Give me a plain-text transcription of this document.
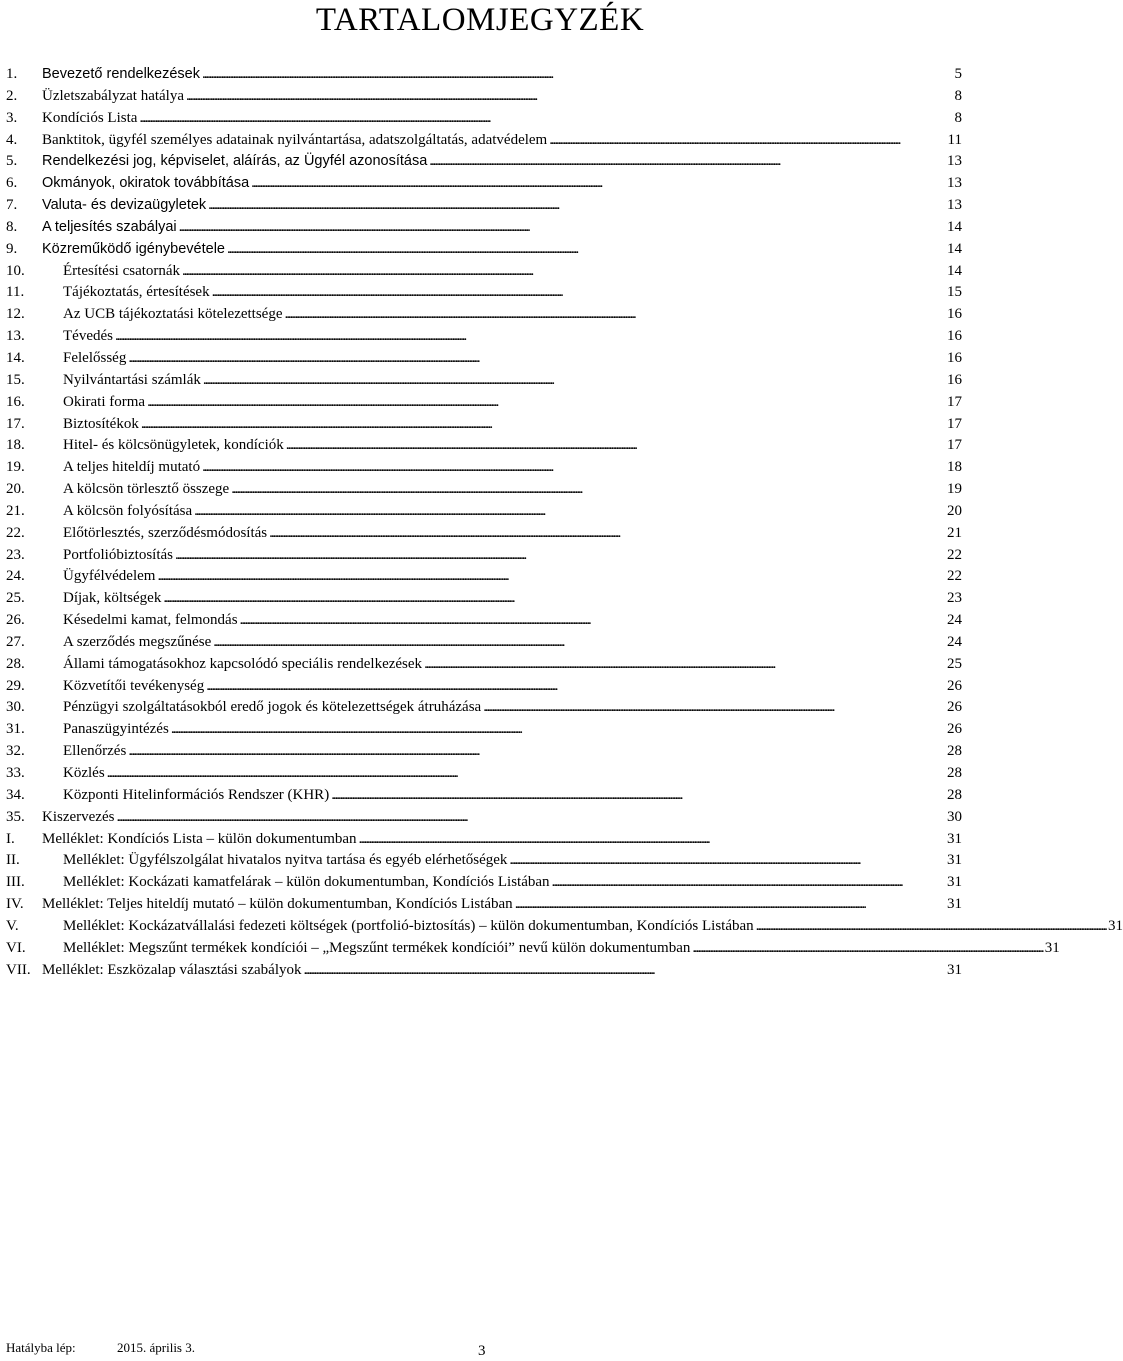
TARTALOMJEGYZÉK
1.	Bevezető rendelkezések . . .	5
2.	Üzletszabályzat hatálya . . .	8
3.	Kondíciós Lista . . .	8
4.	Banktitok, ügyfél személyes adatainak nyilvántartása, adatszolgáltatás, adatvédelem . . .	11
5.	Rendelkezési jog, képviselet, aláírás, az Ügyfél azonosítása . . .	13
6.	Okmányok, okiratok továbbítása . . .	13
7.	Valuta- és devizaügyletek . . .	13
8.	A teljesítés szabályai . . .	14
9.	Közreműködő igénybevétele . . .	14
10.	Értesítési csatornák . . .	14
11.	Tájékoztatás, értesítések . . .	15
12.	Az UCB tájékoztatási kötelezettsége . . .	16
13.	Tévedés . . .	16
14.	Felelősség . . .	16
15.	Nyilvántartási számlák . . .	16
16.	Okirati forma . . .	17
17.	Biztosítékok . . .	17
18.	Hitel- és kölcsönügyletek, kondíciók . . .	17
19.	A teljes hiteldíj mutató . . .	18
20.	A kölcsön törlesztő összege . . .	19
21.	A kölcsön folyósítása . . .	20
22.	Előtörlesztés, szerződésmódosítás . . .	21
23.	Portfolióbiztosítás . . .	22
24.	Ügyfélvédelem . . .	22
25.	Díjak, költségek . . .	23
26.	Késedelmi kamat, felmondás . . .	24
27.	A szerződés megszűnése . . .	24
28.	Állami támogatásokhoz kapcsolódó speciális rendelkezések . . .	25
29.	Közvetítői tevékenység . . .	26
30.	Pénzügyi szolgáltatásokból eredő jogok és kötelezettségek átruházása . . .	26
31.	Panaszügyintézés . . .	26
32.	Ellenőrzés . . .	28
33.	Közlés . . .	28
34.	Központi Hitelinformációs Rendszer (KHR) . . .	28
35.	Kiszervezés . . .	30
I.	Melléklet: Kondíciós Lista – külön dokumentumban . . .	31
II.	Melléklet: Ügyfélszolgálat hivatalos nyitva tartása és egyéb elérhetőségek . . .	31
III.	Melléklet: Kockázati kamatfelárak – külön dokumentumban, Kondíciós Listában . . .	31
IV.	Melléklet: Teljes hiteldíj mutató – külön dokumentumban, Kondíciós Listában . . .	31
V.	Melléklet: Kockázatvállalási fedezeti költségek (portfolió-biztosítás) – külön dokumentumban, Kondíciós Listában . . .	31
VI.	Melléklet: Megszűnt termékek kondíciói – „Megszűnt termékek kondíciói” nevű külön dokumentumban . . .	31
VII. Melléklet: Eszközalap választási szabályok . . .	31
Hatályba lép:	2015. április 3.	3
